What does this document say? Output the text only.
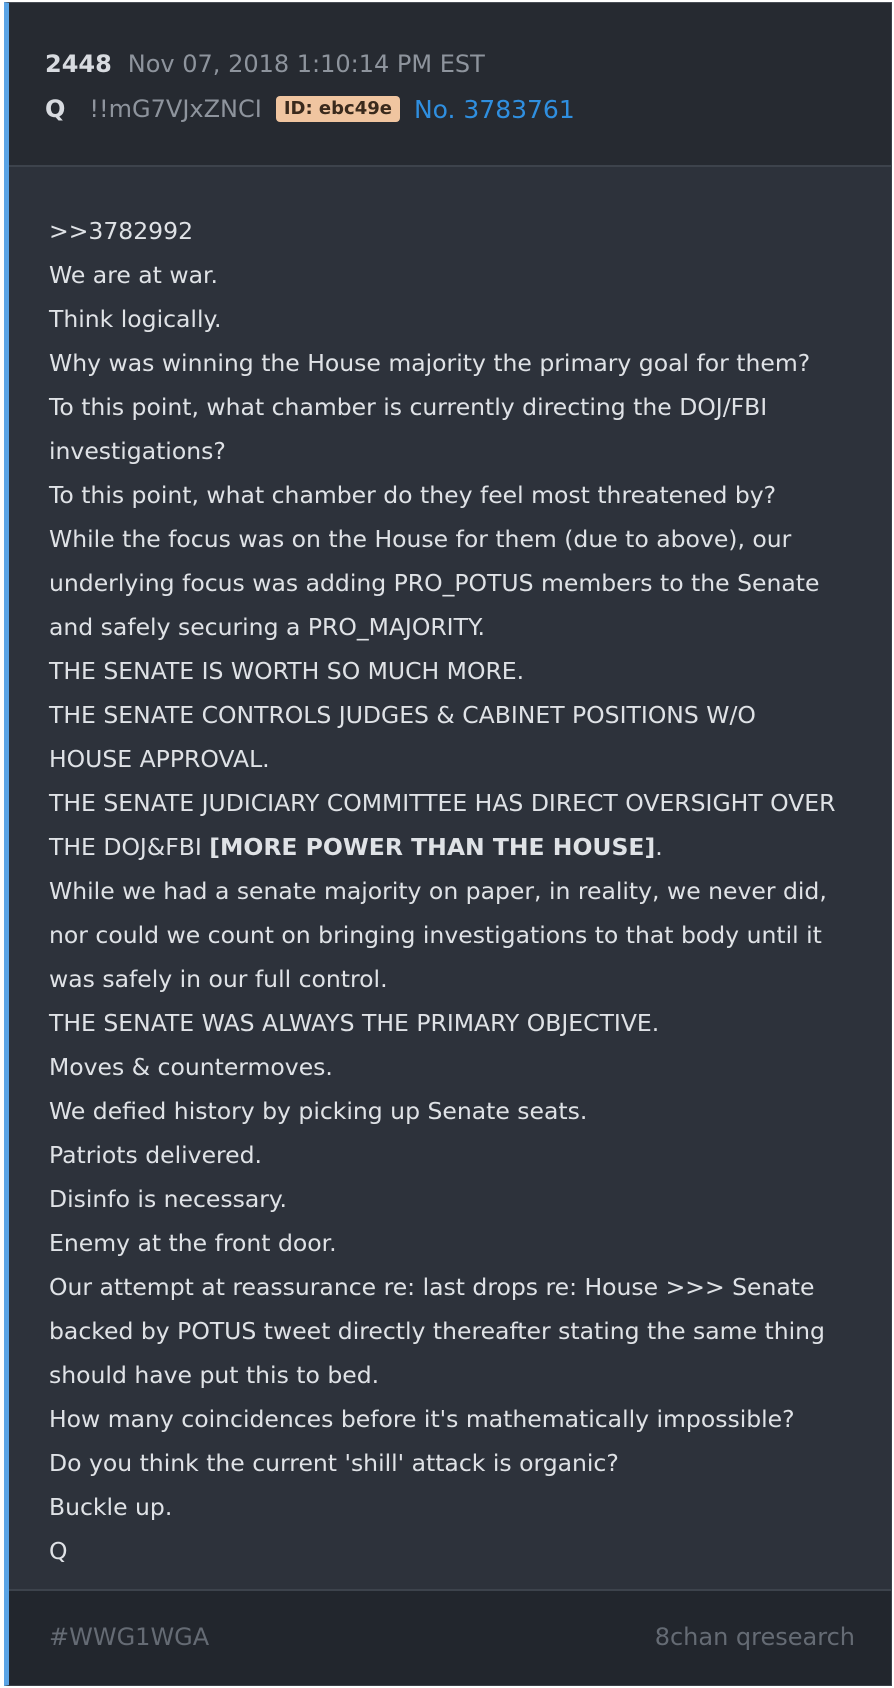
2448 Nov 07, 2018 1:10:14 PM EST
Q !!mG7VJxZNCI	ID: ebc49e No. 3783761
>>3782992
We are at war.
Think logically.
Why was winning the House majority the primary goal for them?
To this point, what chamber is currently directing the DOJ/FBI
investigations?
To this point, what chamber do they feel most threatened by?
While the focus was on the House for them (due to above), our
underlying focus was adding PRO_POTUS members to the Senate
and safely securing a PRO_MAJORITY.
THE SENATE IS WORTH SO MUCH MORE.
THE SENATE CONTROLS JUDGES & CABINET POSITIONS W/O
HOUSE APPROVAL.
THE SENATE JUDICIARY COMMITTEE HAS DIRECT OVERSIGHT OVER
THE DOJ&FBI [MORE POWER THAN THE HOUSE].
While we had a senate majority on paper, in reality, we never did,
nor could we count on bringing investigations to that body until it
was safely in our full control.
THE SENATE WAS ALWAYS THE PRIMARY OBJECTIVE.
Moves & countermoves.
We defied history by picking up Senate seats.
Patriots delivered.
Disinfo is necessary.
Enemy at the front door.
Our attempt at reassurance re: last drops re: House >>> Senate
backed by POTUS tweet directly thereafter stating the same thing
should have put this to bed.
How many coincidences before it's mathematically impossible?
Do you think the current 'shill' attack is organic?
Buckle up.
Q
#WWG1WGA	8chan qresearch
